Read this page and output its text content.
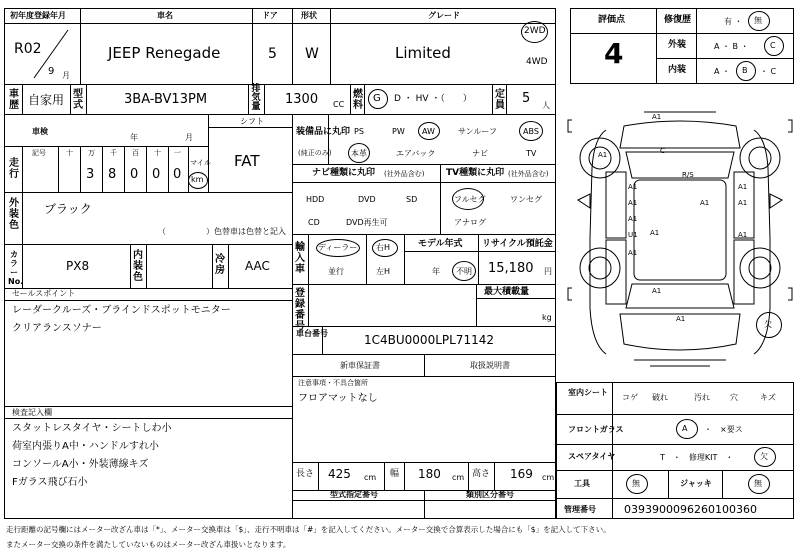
初年度登録年月	車名	ドア	形状	グレード
R02
9 月
JEEP Renegade	5 W	Limited
2WD
4WD
車歴 自家用 型式	3BA-BV13PM
排気量 1300 CC
燃料
G D ・ HV ・（　　） 定員 5 人
車検
年	月
シフト
FAT
走行
記号	十 万 千 百 十 一
マイル
3 8 0 0 0 km
外装色
ブラック
（　　　　　）色替車は色替と記入
カラーNo.
PX8
内装色
冷房 AAC
セールスポイント
レーダークルーズ・ブラインドスポットモニター
クリアランスソナー
検査記入欄
スタットレスタイヤ・シートしわ小
荷室内張りA中・ハンドルすれ小
コンソールA小・外装薄線キズ
Fガラス飛び石小
装備品に丸印
(純正のみ)
PS	PW AW	サンルーフ	ABS
本革	エアバック	ナビ	TV
ナビ種類に丸印 (社外品含む) TV種類に丸印 (社外品含む)
HDD	DVD	SD
CD	DVD再生可
フルセグ	ワンセグ
アナログ
輸入車
ディーラー
並行
右H
左H
モデル年式
年 不明
リサイクル預託金
15,180 円
登録番号
最大積載量
kg
車台番号	1C4BU0000LPL71142
新車保証書	取扱説明書
注意事項・不具合箇所
フロアマットなし
長さ 425 cm 幅 180 cm 高さ 169 cm
型式指定番号	類別区分番号
評価点
4
修復歴	有 ・ 無
外装	A ・ B ・	C
内装	A ・ B ・ C
A1
A1
A1
A1
A1
U1
A1
A1
A1
A1
A1
A1
C
R/S
A1
A1
欠
室内シート
コゲ 破れ	汚れ	穴	キズ
フロントガラス	A ・　×要ス
スペアタイヤ	T　・　修理KIT　・	欠
工具	無	ジャッキ	無
管理番号	0393900096260100360
走行距離の記号欄にはメーター改ざん車は「*」、メーター交換車は「$」、走行不明車は「#」を記入してください。メーター交換で合算表示した場合にも「$」を記入して下さい。
またメーター交換の条件を満たしていないものはメーター改ざん車扱いとなります。
